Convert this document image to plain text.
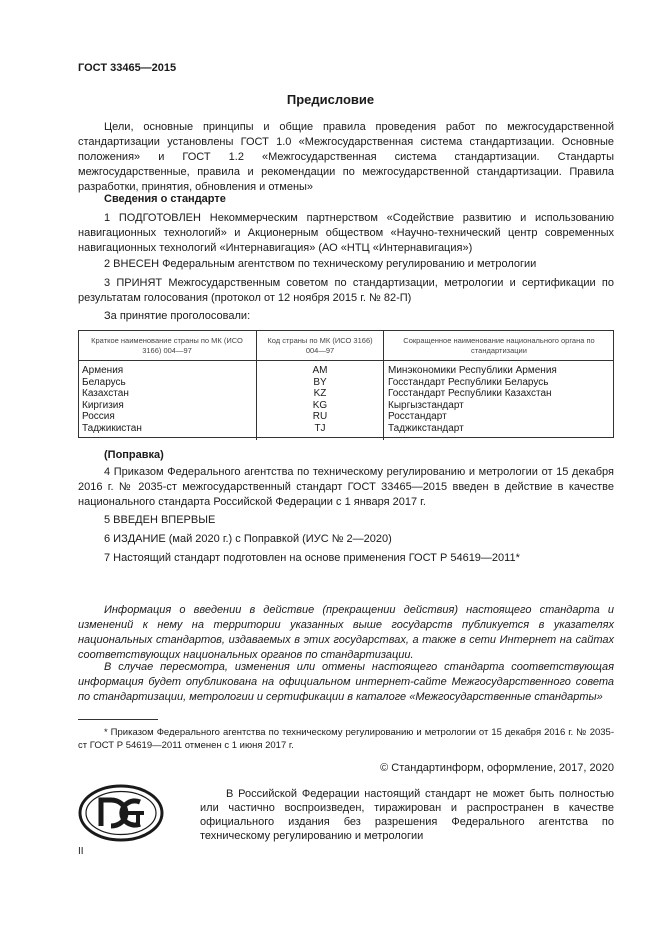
ГОСТ 33465—2015
Предисловие
Цели, основные принципы и общие правила проведения работ по межгосударственной стандартизации установлены ГОСТ 1.0 «Межгосударственная система стандартизации. Основные положения» и ГОСТ 1.2 «Межгосударственная система стандартизации. Стандарты межгосударственные, правила и рекомендации по межгосударственной стандартизации. Правила разработки, принятия, обновления и отмены»
Сведения о стандарте
1 ПОДГОТОВЛЕН Некоммерческим партнерством «Содействие развитию и использованию навигационных технологий» и Акционерным обществом «Научно-технический центр современных навигационных технологий «Интернавигация» (АО «НТЦ «Интернавигация»)
2 ВНЕСЕН Федеральным агентством по техническому регулированию и метрологии
3 ПРИНЯТ Межгосударственным советом по стандартизации, метрологии и сертификации по результатам голосования (протокол от 12 ноября 2015 г. № 82-П)
За принятие проголосовали:
Краткое наименование страны по МК (ИСО 3166) 004—97	Код страны по МК (ИСО 3166) 004—97	Сокращенное наименование национального органа по стандартизации
Армения	AM	Минэкономики Республики Армения
Беларусь	BY	Госстандарт Республики Беларусь
Казахстан	KZ	Госстандарт Республики Казахстан
Киргизия	KG	Кыргызстандарт
Россия	RU	Росстандарт
Таджикистан	TJ	Таджикстандарт
(Поправка)
4 Приказом Федерального агентства по техническому регулированию и метрологии от 15 декабря 2016 г. № 2035-ст межгосударственный стандарт ГОСТ 33465—2015 введен в действие в качестве национального стандарта Российской Федерации с 1 января 2017 г.
5 ВВЕДЕН ВПЕРВЫЕ
6 ИЗДАНИЕ (май 2020 г.) с Поправкой (ИУС № 2—2020)
7 Настоящий стандарт подготовлен на основе применения ГОСТ Р 54619—2011*
Информация о введении в действие (прекращении действия) настоящего стандарта и изменений к нему на территории указанных выше государств публикуется в указателях национальных стандартов, издаваемых в этих государствах, а также в сети Интернет на сайтах соответствующих национальных органов по стандартизации.
В случае пересмотра, изменения или отмены настоящего стандарта соответствующая информация будет опубликована на официальном интернет-сайте Межгосударственного совета по стандартизации, метрологии и сертификации в каталоге «Межгосударственные стандарты»
* Приказом Федерального агентства по техническому регулированию и метрологии от 15 декабря 2016 г. № 2035-ст ГОСТ Р 54619—2011 отменен с 1 июня 2017 г.
© Стандартинформ, оформление, 2017, 2020
В Российской Федерации настоящий стандарт не может быть полностью или частично воспроизведен, тиражирован и распространен в качестве официального издания без разрешения Федерального агентства по техническому регулированию и метрологии
II
